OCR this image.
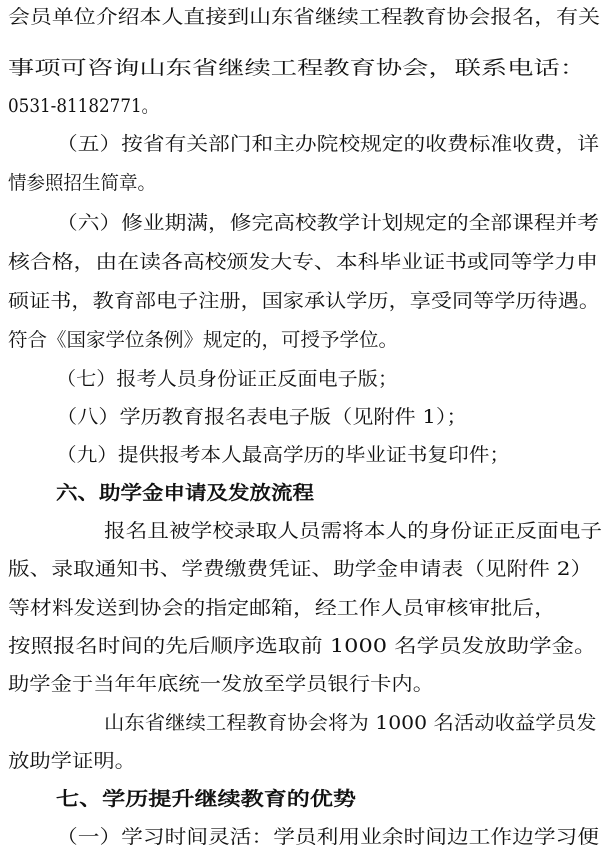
会员单位介绍本人直接到山东省继续工程教育协会报名，有关
事项可咨询山东省继续工程教育协会，联系电话：
0531-81182771。
（五）按省有关部门和主办院校规定的收费标准收费，详
情参照招生简章。
（六）修业期满，修完高校教学计划规定的全部课程并考
核合格，由在读各高校颁发大专、本科毕业证书或同等学力申
硕证书，教育部电子注册，国家承认学历，享受同等学历待遇。
符合《国家学位条例》规定的，可授予学位。
（七）报考人员身份证正反面电子版；
（八）学历教育报名表电子版（见附件 1）；
（九）提供报考本人最高学历的毕业证书复印件；
六、助学金申请及发放流程
报名且被学校录取人员需将本人的身份证正反面电子
版、录取通知书、学费缴费凭证、助学金申请表（见附件 2）
等材料发送到协会的指定邮箱，经工作人员审核审批后，
按照报名时间的先后顺序选取前 1000 名学员发放助学金。
助学金于当年年底统一发放至学员银行卡内。
山东省继续工程教育协会将为 1000 名活动收益学员发
放助学证明。
七、学历提升继续教育的优势
（一）学习时间灵活：学员利用业余时间边工作边学习便
